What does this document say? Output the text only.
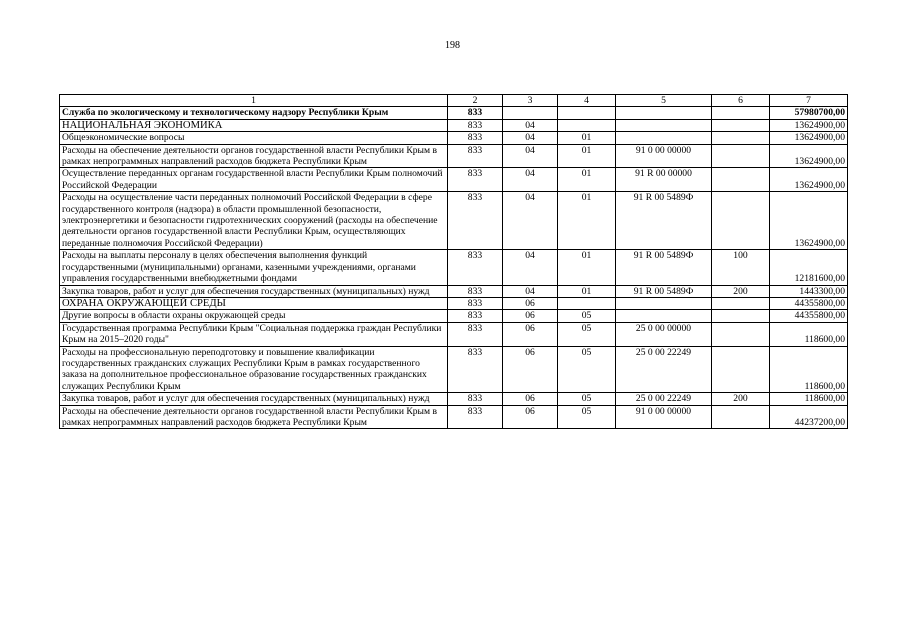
198
1	2	3	4	5	6	7
Служба по экологическому и технологическому надзору Республики Крым	833					57980700,00
НАЦИОНАЛЬНАЯ ЭКОНОМИКА	833	04				13624900,00
Общеэкономические вопросы	833	04	01			13624900,00
Расходы на обеспечение деятельности органов государственной власти Республики Крым в рамках непрограммных направлений расходов бюджета Республики Крым	833	04	01	91 0 00 00000		13624900,00
Осуществление переданных органам государственной власти Республики Крым полномочий Российской Федерации	833	04	01	91 R 00 00000		13624900,00
Расходы на осуществление части переданных полномочий Российской Федерации в сфере государственного контроля (надзора) в области промышленной безопасности, электроэнергетики и безопасности гидротехнических сооружений (расходы на обеспечение деятельности органов государственной власти Республики Крым, осуществляющих переданные полномочия Российской Федерации)	833	04	01	91 R 00 5489Ф		13624900,00
Расходы на выплаты персоналу в целях обеспечения выполнения функций государственными (муниципальными) органами, казенными учреждениями, органами управления государственными внебюджетными фондами	833	04	01	91 R 00 5489Ф	100	12181600,00
Закупка товаров, работ и услуг для обеспечения государственных (муниципальных) нужд	833	04	01	91 R 00 5489Ф	200	1443300,00
ОХРАНА ОКРУЖАЮЩЕЙ СРЕДЫ	833	06				44355800,00
Другие вопросы в области охраны окружающей среды	833	06	05			44355800,00
Государственная программа Республики Крым "Социальная поддержка граждан Республики Крым на 2015–2020 годы"	833	06	05	25 0 00 00000		118600,00
Расходы на профессиональную переподготовку и повышение квалификации государственных гражданских служащих Республики Крым в рамках государственного заказа на дополнительное профессиональное образование государственных гражданских служащих Республики Крым	833	06	05	25 0 00 22249		118600,00
Закупка товаров, работ и услуг для обеспечения государственных (муниципальных) нужд	833	06	05	25 0 00 22249	200	118600,00
Расходы на обеспечение деятельности органов государственной власти Республики Крым в рамках непрограммных направлений расходов бюджета Республики Крым	833	06	05	91 0 00 00000		44237200,00
